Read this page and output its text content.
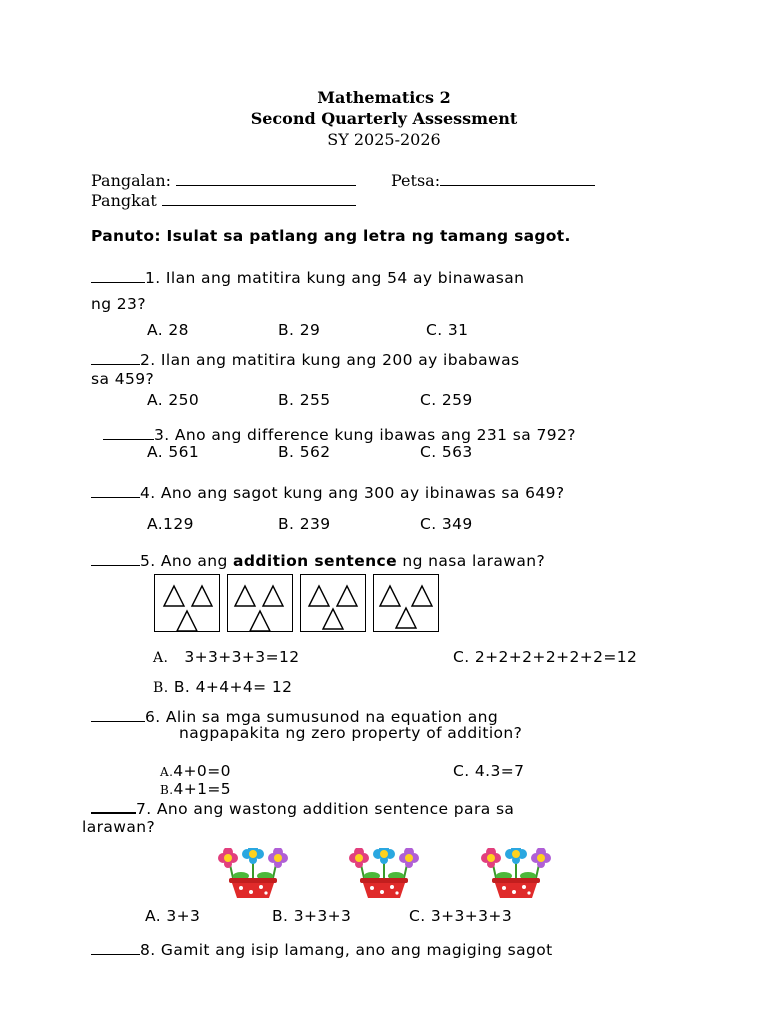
Mathematics 2
Second Quarterly Assessment
SY 2025-2026
Pangalan:	Petsa:
Pangkat
Panuto: Isulat sa patlang ang letra ng tamang sagot.
1. Ilan ang matitira kung ang 54 ay binawasan
ng 23?
A. 28	B. 29	C. 31
2. Ilan ang matitira kung ang 200 ay ibabawas
sa 459?
A. 250	B. 255	C. 259
3. Ano ang difference kung ibawas ang 231 sa 792?
A. 561	B. 562	C. 563
4. Ano ang sagot kung ang 300 ay ibinawas sa 649?
A.129	B. 239	C. 349
5. Ano ang addition sentence ng nasa larawan?
A. 3+3+3+3=12	C. 2+2+2+2+2+2=12
B. B. 4+4+4= 12
6. Alin sa mga sumusunod na equation ang
nagpapakita ng zero property of addition?
A.4+0=0	C. 4.3=7
B.4+1=5
7. Ano ang wastong addition sentence para sa
larawan?
A. 3+3	B. 3+3+3	C. 3+3+3+3
8. Gamit ang isip lamang, ano ang magiging sagot
